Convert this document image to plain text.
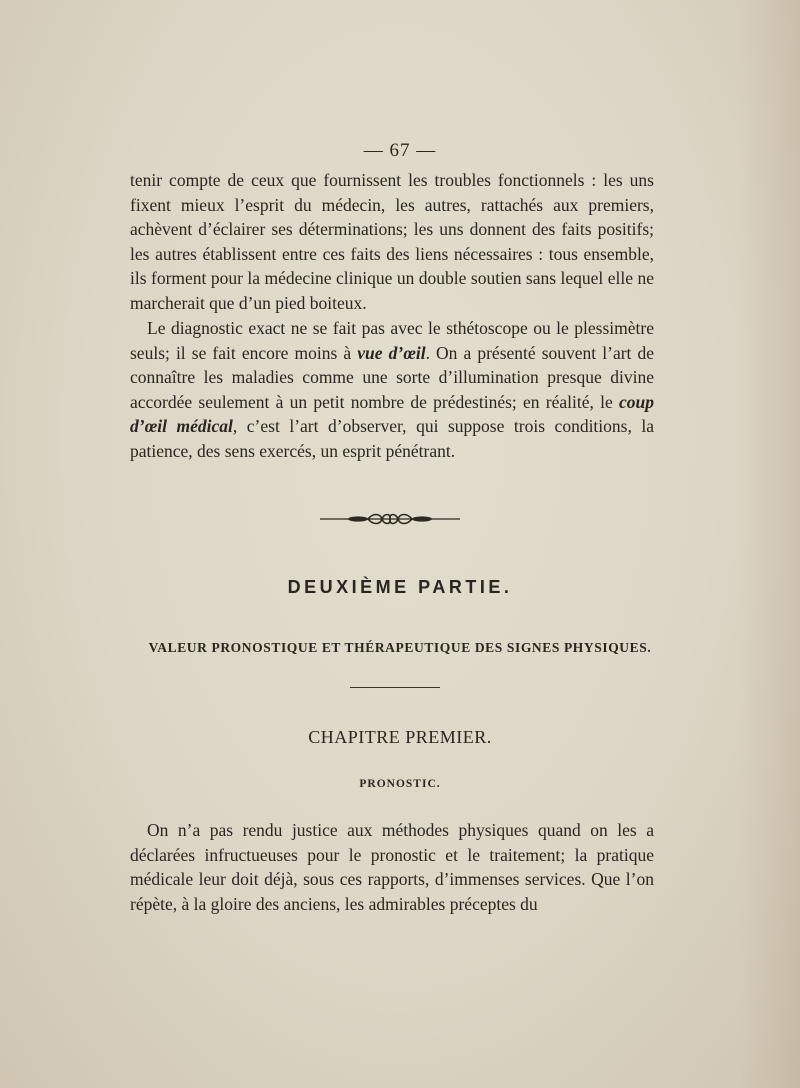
— 67 —

tenir compte de ceux que fournissent les troubles fonctionnels : les uns fixent mieux l’esprit du médecin, les autres, rattachés aux premiers, achèvent d’éclairer ses déterminations; les uns donnent des faits positifs; les autres établissent entre ces faits des liens nécessaires : tous ensemble, ils forment pour la médecine clinique un double soutien sans lequel elle ne marcherait que d’un pied boiteux.

Le diagnostic exact ne se fait pas avec le sthétoscope ou le plessimètre seuls; il se fait encore moins à vue d’œil. On a présenté souvent l’art de connaître les maladies comme une sorte d’illumination presque divine accordée seulement à un petit nombre de prédestinés; en réalité, le coup d’œil médical, c’est l’art d’observer, qui suppose trois conditions, la patience, des sens exercés, un esprit pénétrant.

DEUXIÈME PARTIE.
VALEUR PRONOSTIQUE ET THÉRAPEUTIQUE DES SIGNES PHYSIQUES.
CHAPITRE PREMIER.
PRONOSTIC.

On n’a pas rendu justice aux méthodes physiques quand on les a déclarées infructueuses pour le pronostic et le traitement; la pratique médicale leur doit déjà, sous ces rapports, d’immenses services. Que l’on répète, à la gloire des anciens, les admirables préceptes du
